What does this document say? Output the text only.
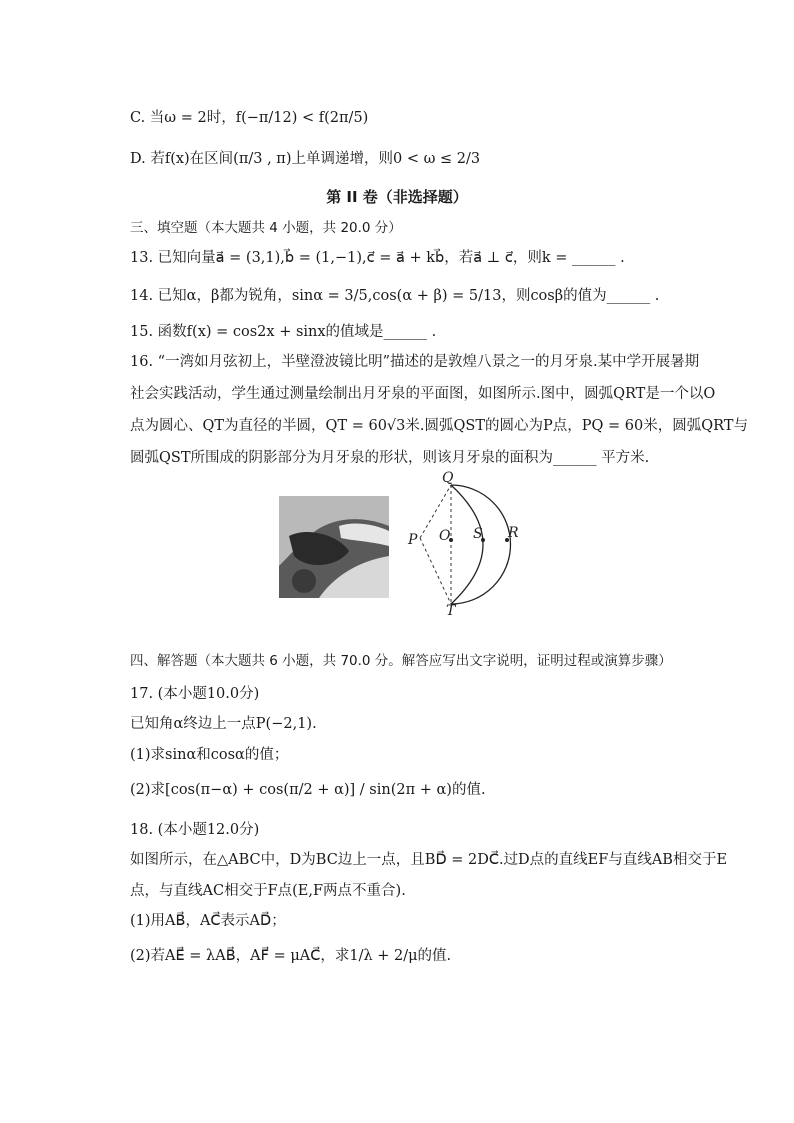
C. 当ω = 2时，f(−π/12) < f(2π/5)
D. 若f(x)在区间(π/3 , π)上单调递增，则0 < ω ≤ 2/3
第 II 卷（非选择题）
三、填空题（本大题共 4 小题，共 20.0 分）
13. 已知向量a⃗ = (3,1),b⃗ = (1,−1),c⃗ = a⃗ + kb⃗，若a⃗ ⊥ c⃗，则k = ______ .
14. 已知α，β都为锐角，sinα = 3/5,cos(α + β) = 5/13，则cosβ的值为______ .
15. 函数f(x) = cos2x + sinx的值域是______ .
16. “一湾如月弦初上，半壁澄波镜比明”描述的是敦煌八景之一的月牙泉.某中学开展暑期
社会实践活动，学生通过测量绘制出月牙泉的平面图，如图所示.图中，圆弧QRT是一个以O
点为圆心、QT为直径的半圆，QT = 60√3米.圆弧QST的圆心为P点，PQ = 60米，圆弧QRT与
圆弧QST所围成的阴影部分为月牙泉的形状，则该月牙泉的面积为______ 平方米.
Q
P O S R
T
四、解答题（本大题共 6 小题，共 70.0 分。解答应写出文字说明，证明过程或演算步骤）
17. (本小题10.0分)
已知角α终边上一点P(−2,1).
(1)求sinα和cosα的值；
(2)求[cos(π−α) + cos(π/2 + α)] / sin(2π + α)的值.
18. (本小题12.0分)
如图所示，在△ABC中，D为BC边上一点，且BD⃗ = 2DC⃗.过D点的直线EF与直线AB相交于E
点，与直线AC相交于F点(E,F两点不重合).
(1)用AB⃗，AC⃗表示AD⃗；
(2)若AE⃗ = λAB⃗，AF⃗ = μAC⃗，求1/λ + 2/μ的值.
